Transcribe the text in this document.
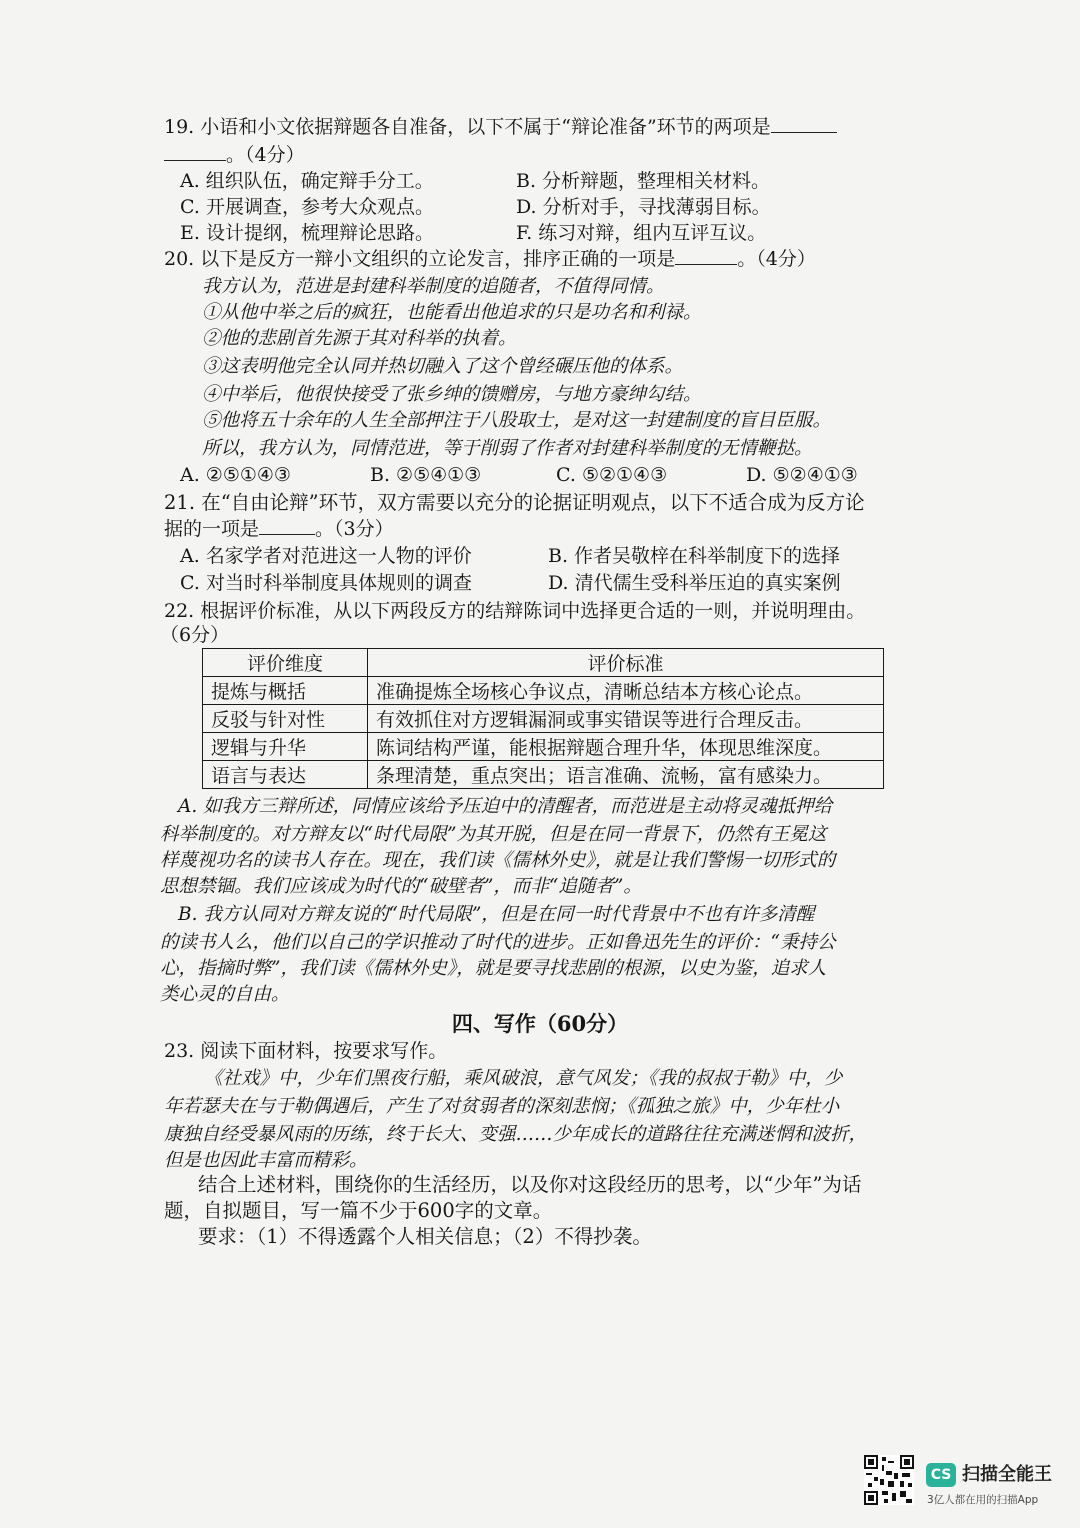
19. 小语和小文依据辩题各自准备，以下不属于“辩论准备”环节的两项是
。（4分）
A. 组织队伍，确定辩手分工。	B. 分析辩题，整理相关材料。
C. 开展调查，参考大众观点。	D. 分析对手，寻找薄弱目标。
E. 设计提纲，梳理辩论思路。	F. 练习对辩，组内互评互议。
20. 以下是反方一辩小文组织的立论发言，排序正确的一项是	。（4分）
我方认为，范进是封建科举制度的追随者，不值得同情。
①从他中举之后的疯狂，也能看出他追求的只是功名和利禄。
②他的悲剧首先源于其对科举的执着。
③这表明他完全认同并热切融入了这个曾经碾压他的体系。
④中举后，他很快接受了张乡绅的馈赠房，与地方豪绅勾结。
⑤他将五十余年的人生全部押注于八股取士，是对这一封建制度的盲目臣服。
所以，我方认为，同情范进，等于削弱了作者对封建科举制度的无情鞭挞。
A. ②⑤①④③	B. ②⑤④①③	C. ⑤②①④③	D. ⑤②④①③
21. 在“自由论辩”环节，双方需要以充分的论据证明观点，以下不适合成为反方论
据的一项是	。（3分）
A. 名家学者对范进这一人物的评价	B. 作者吴敬梓在科举制度下的选择
C. 对当时科举制度具体规则的调查	D. 清代儒生受科举压迫的真实案例
22. 根据评价标准，从以下两段反方的结辩陈词中选择更合适的一则，并说明理由。
（6分）
评价维度	评价标准
提炼与概括	准确提炼全场核心争议点，清晰总结本方核心论点。
反驳与针对性	有效抓住对方逻辑漏洞或事实错误等进行合理反击。
逻辑与升华	陈词结构严谨，能根据辩题合理升华，体现思维深度。
语言与表达	条理清楚，重点突出；语言准确、流畅，富有感染力。
A. 如我方三辩所述，同情应该给予压迫中的清醒者，而范进是主动将灵魂抵押给
科举制度的。对方辩友以“时代局限”为其开脱，但是在同一背景下，仍然有王冕这
样蔑视功名的读书人存在。现在，我们读《儒林外史》，就是让我们警惕一切形式的
思想禁锢。我们应该成为时代的“破壁者”，而非“追随者”。
B. 我方认同对方辩友说的“时代局限”，但是在同一时代背景中不也有许多清醒
的读书人么，他们以自己的学识推动了时代的进步。正如鲁迅先生的评价：“秉持公
心，指摘时弊”，我们读《儒林外史》，就是要寻找悲剧的根源，以史为鉴，追求人
类心灵的自由。
四、写作（60分）
23. 阅读下面材料，按要求写作。
《社戏》中，少年们黑夜行船，乘风破浪，意气风发；《我的叔叔于勒》中，少
年若瑟夫在与于勒偶遇后，产生了对贫弱者的深刻悲悯；《孤独之旅》中，少年杜小
康独自经受暴风雨的历练，终于长大、变强……少年成长的道路往往充满迷惘和波折，
但是也因此丰富而精彩。
结合上述材料，围绕你的生活经历，以及你对这段经历的思考，以“少年”为话
题，自拟题目，写一篇不少于600字的文章。
要求：（1）不得透露个人相关信息；（2）不得抄袭。
CS 扫描全能王
3亿人都在用的扫描App
